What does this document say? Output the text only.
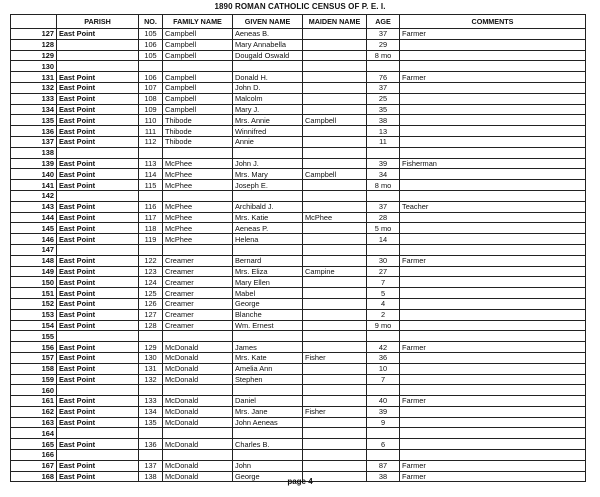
1890 ROMAN CATHOLIC CENSUS OF P. E. I.
	PARISH	NO.	FAMILY NAME	GIVEN NAME	MAIDEN NAME	AGE	COMMENTS
127	East Point	105	Campbell	Aeneas B.		37	Farmer
128		106	Campbell	Mary Annabella		29	
129		105	Campbell	Dougald Oswald		8 mo	
130							
131	East Point	106	Campbell	Donald H.		76	Farmer
132	East Point	107	Campbell	John D.		37	
133	East Point	108	Campbell	Malcolm		25	
134	East Point	109	Campbell	Mary J.		35	
135	East Point	110	Thibode	Mrs. Annie	Campbell	38	
136	East Point	111	Thibode	Winnifred		13	
137	East Point	112	Thibode	Annie		11	
138							
139	East Point	113	McPhee	John J.		39	Fisherman
140	East Point	114	McPhee	Mrs. Mary	Campbell	34	
141	East Point	115	McPhee	Joseph E.		8 mo	
142							
143	East Point	116	McPhee	Archibald J.		37	Teacher
144	East Point	117	McPhee	Mrs. Katie	McPhee	28	
145	East Point	118	McPhee	Aeneas P.		5 mo	
146	East Point	119	McPhee	Helena		14	
147							
148	East Point	122	Creamer	Bernard		30	Farmer
149	East Point	123	Creamer	Mrs. Eliza	Campine	27	
150	East Point	124	Creamer	Mary Ellen		7	
151	East Point	125	Creamer	Mabel		5	
152	East Point	126	Creamer	George		4	
153	East Point	127	Creamer	Blanche		2	
154	East Point	128	Creamer	Wm. Ernest		9 mo	
155							
156	East Point	129	McDonald	James		42	Farmer
157	East Point	130	McDonald	Mrs. Kate	Fisher	36	
158	East Point	131	McDonald	Amelia Ann		10	
159	East Point	132	McDonald	Stephen		7	
160							
161	East Point	133	McDonald	Daniel		40	Farmer
162	East Point	134	McDonald	Mrs. Jane	Fisher	39	
163	East Point	135	McDonald	John Aeneas		9	
164							
165	East Point	136	McDonald	Charles B.		6	
166							
167	East Point	137	McDonald	John		87	Farmer
168	East Point	138	McDonald	George		38	Farmer
page 4
